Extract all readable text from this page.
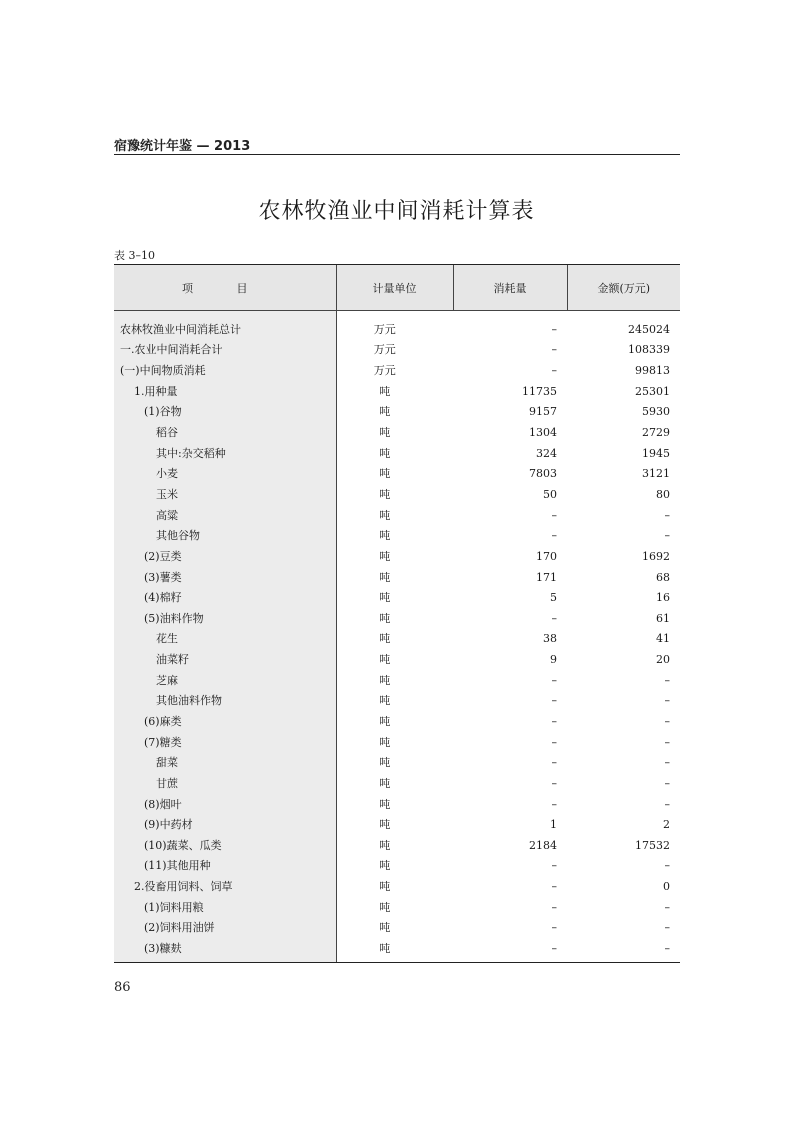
宿豫统计年鉴 — 2013
农林牧渔业中间消耗计算表
表 3–10
项 目	计量单位	消耗量	金额(万元)
农林牧渔业中间消耗总计	万元	–	245024
一.农业中间消耗合计	万元	–	108339
(一)中间物质消耗	万元	–	99813
1.用种量	吨	11735	25301
(1)谷物	吨	9157	5930
稻谷	吨	1304	2729
其中:杂交稻种	吨	324	1945
小麦	吨	7803	3121
玉米	吨	50	80
高粱	吨	–	–
其他谷物	吨	–	–
(2)豆类	吨	170	1692
(3)薯类	吨	171	68
(4)棉籽	吨	5	16
(5)油料作物	吨	–	61
花生	吨	38	41
油菜籽	吨	9	20
芝麻	吨	–	–
其他油料作物	吨	–	–
(6)麻类	吨	–	–
(7)糖类	吨	–	–
甜菜	吨	–	–
甘蔗	吨	–	–
(8)烟叶	吨	–	–
(9)中药材	吨	1	2
(10)蔬菜、瓜类	吨	2184	17532
(11)其他用种	吨	–	–
2.役畜用饲料、饲草	吨	–	0
(1)饲料用粮	吨	–	–
(2)饲料用油饼	吨	–	–
(3)糠麸	吨	–	–
86
